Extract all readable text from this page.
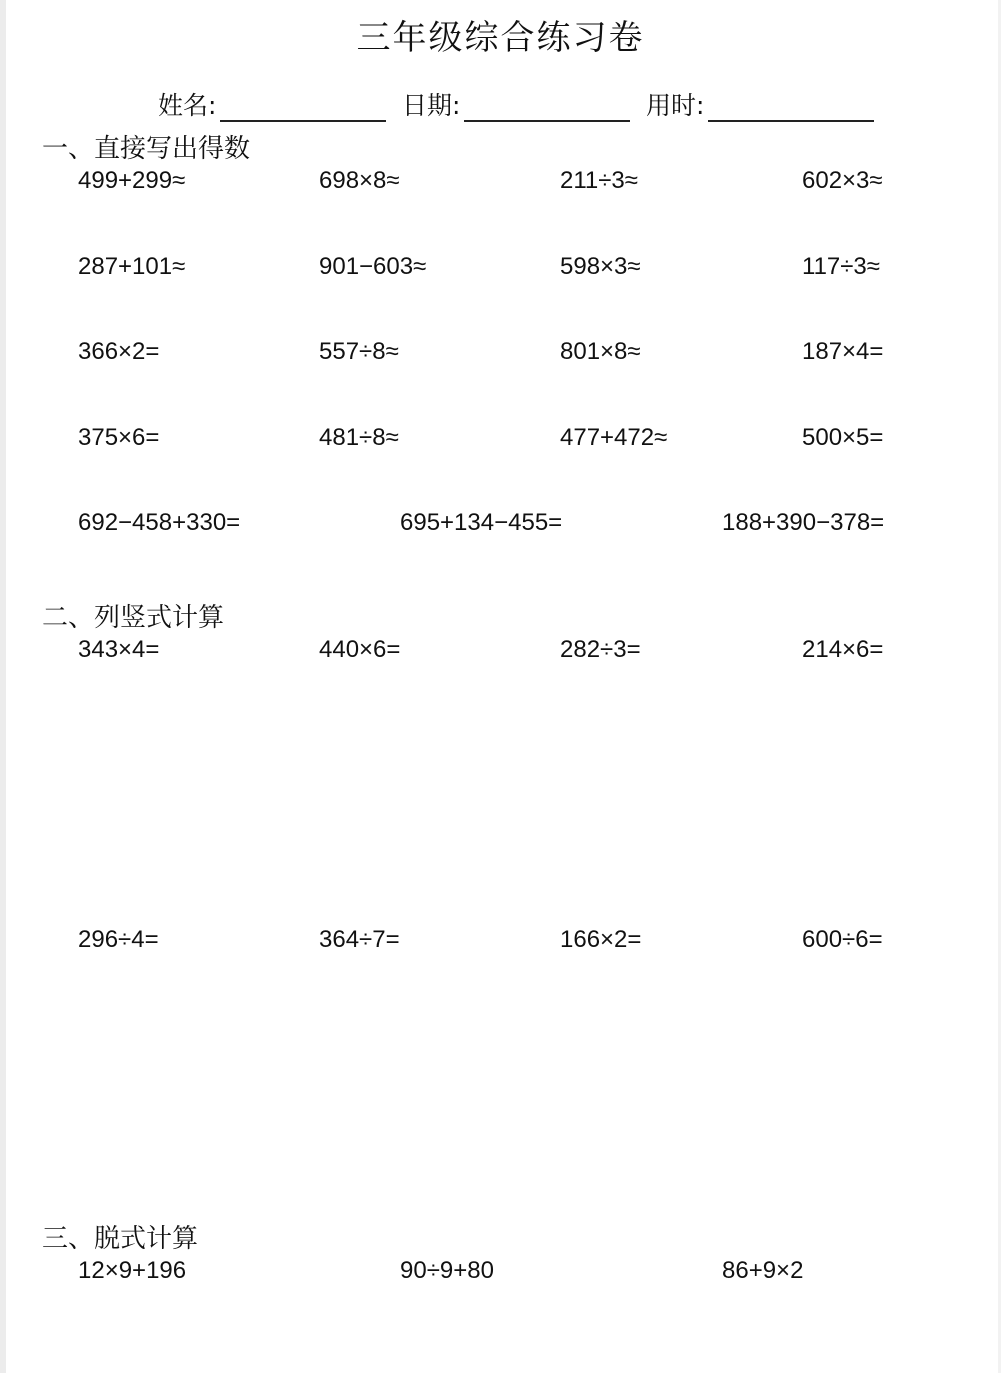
三年级综合练习卷
姓名:	日期:	用时:
一、直接写出得数
499+299≈	698×8≈	211÷3≈	602×3≈
287+101≈	901−603≈	598×3≈	117÷3≈
366×2=	557÷8≈	801×8≈	187×4=
375×6=	481÷8≈	477+472≈	500×5=
692−458+330=	695+134−455=	188+390−378=
二、列竖式计算
343×4=	440×6=	282÷3=	214×6=
296÷4=	364÷7=	166×2=	600÷6=
三、脱式计算
12×9+196	90÷9+80	86+9×2
